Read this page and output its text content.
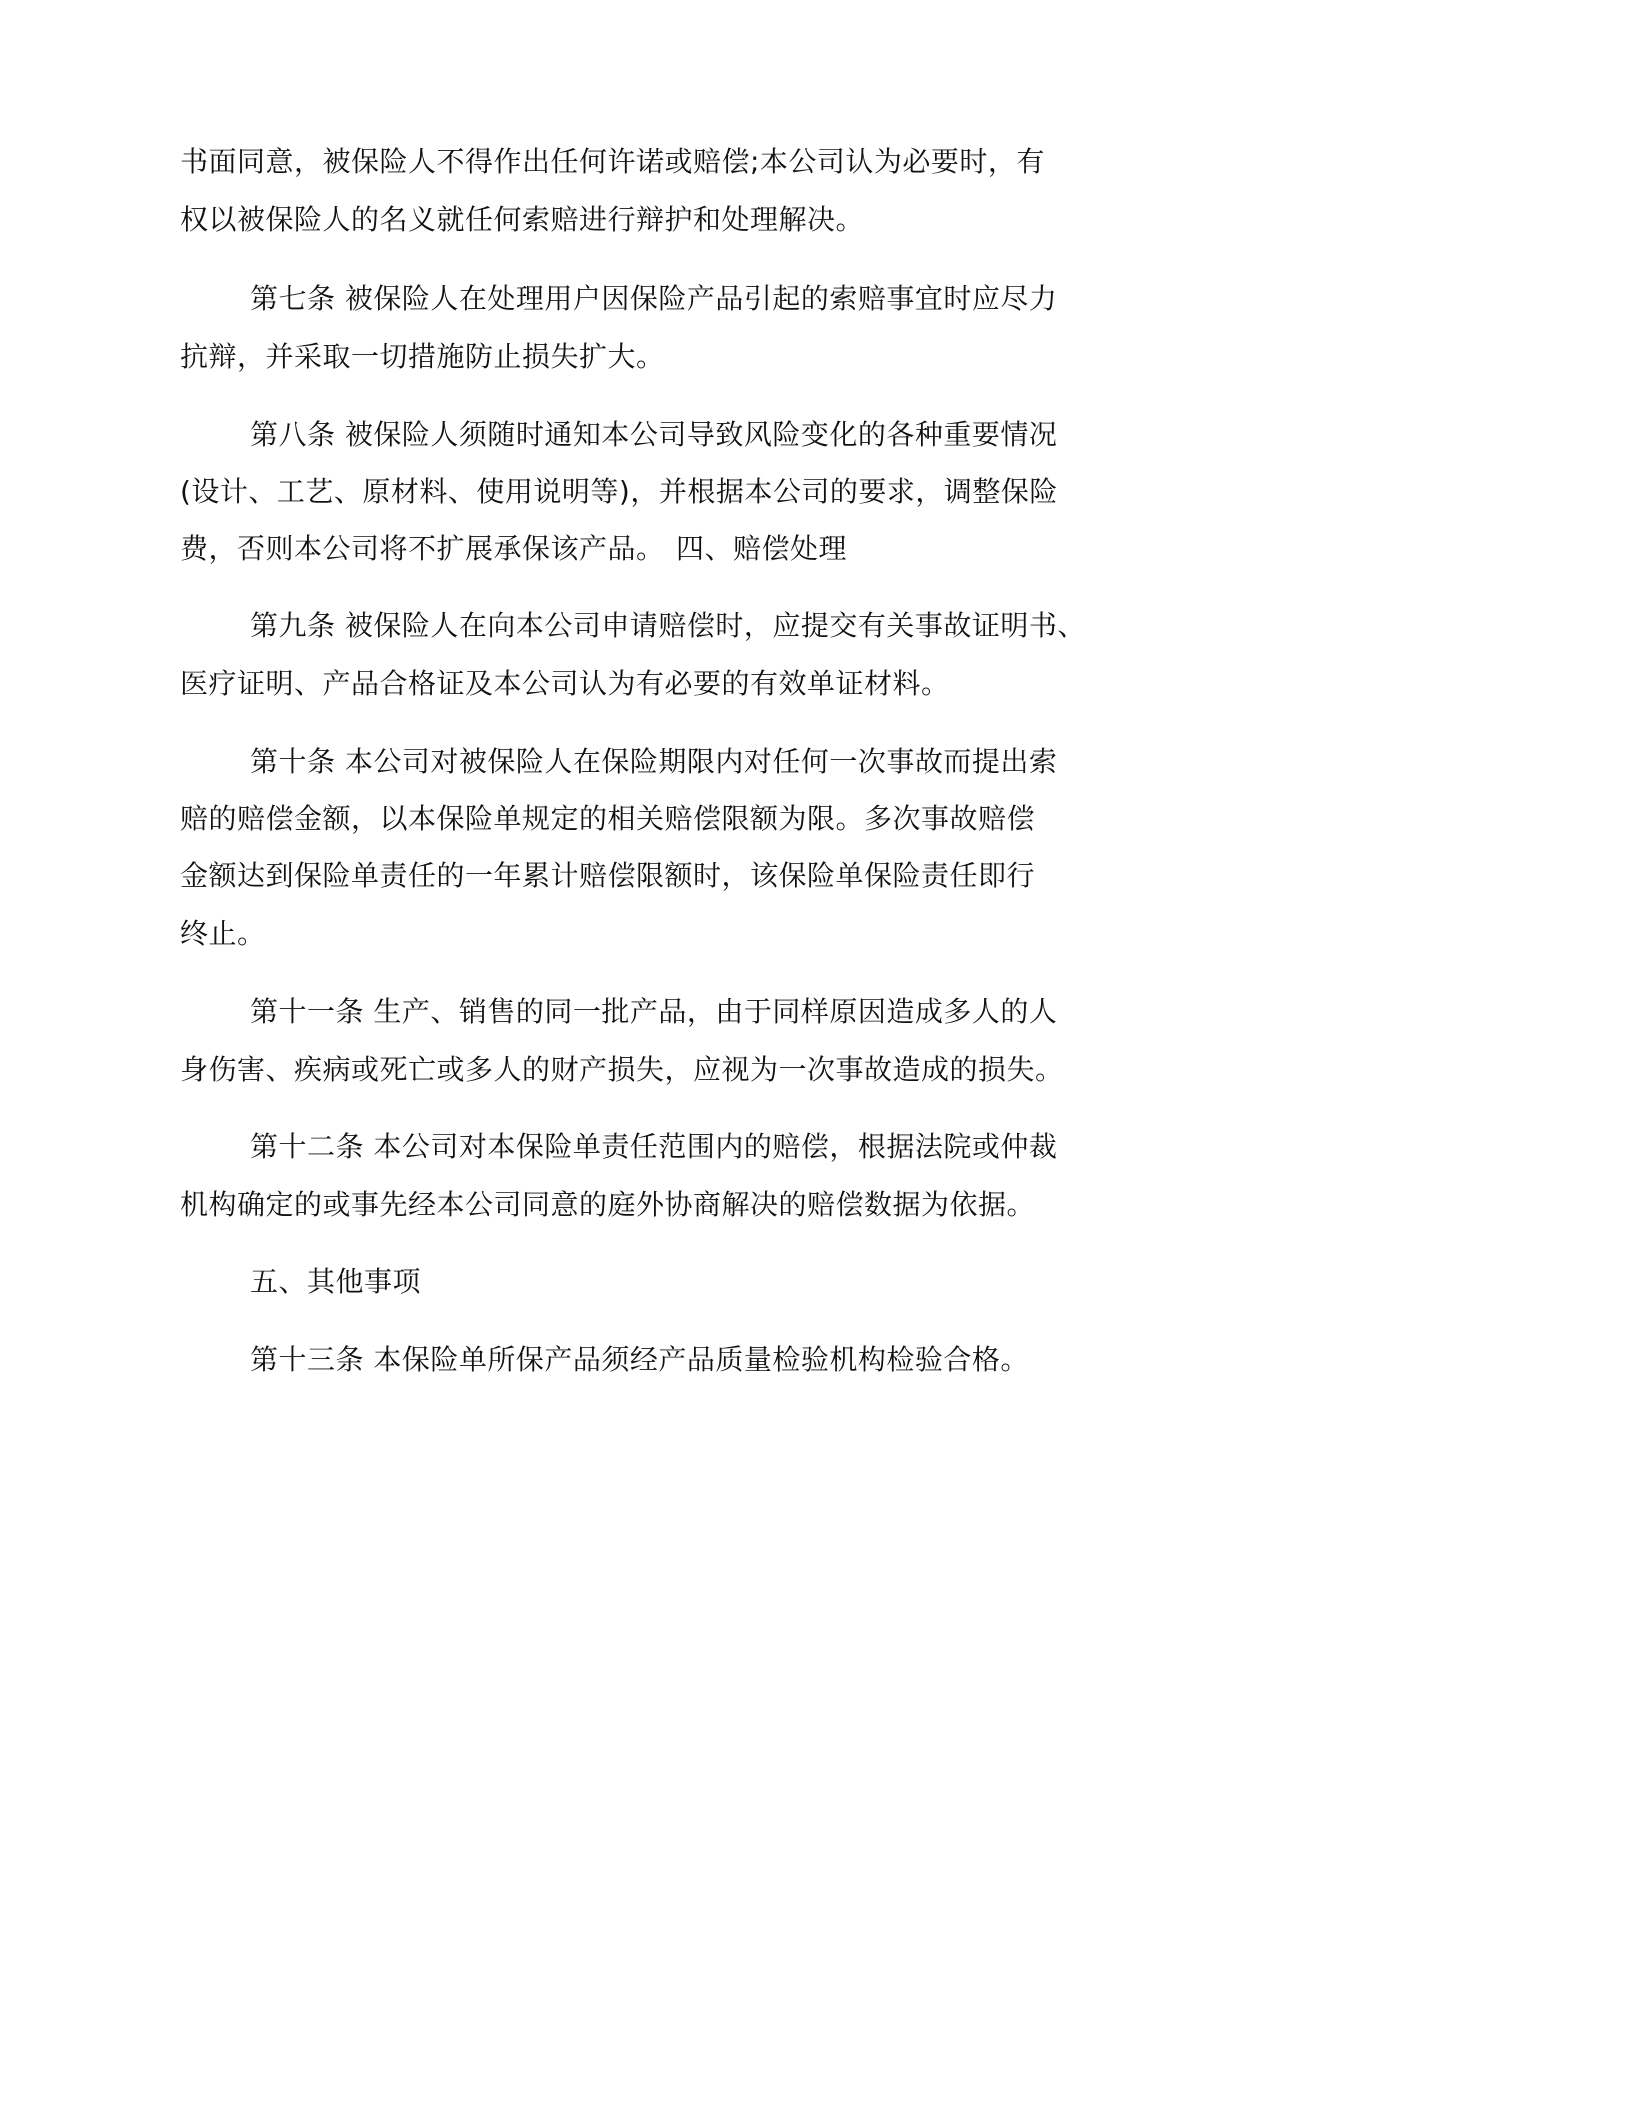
书面同意，被保险人不得作出任何许诺或赔偿;本公司认为必要时，有
权以被保险人的名义就任何索赔进行辩护和处理解决。
第七条 被保险人在处理用户因保险产品引起的索赔事宜时应尽力
抗辩，并采取一切措施防止损失扩大。
第八条 被保险人须随时通知本公司导致风险变化的各种重要情况
(设计、工艺、原材料、使用说明等)，并根据本公司的要求，调整保险
费，否则本公司将不扩展承保该产品。 四、赔偿处理
第九条 被保险人在向本公司申请赔偿时，应提交有关事故证明书、
医疗证明、产品合格证及本公司认为有必要的有效单证材料。
第十条 本公司对被保险人在保险期限内对任何一次事故而提出索
赔的赔偿金额，以本保险单规定的相关赔偿限额为限。多次事故赔偿
金额达到保险单责任的一年累计赔偿限额时，该保险单保险责任即行
终止。
第十一条 生产、销售的同一批产品，由于同样原因造成多人的人
身伤害、疾病或死亡或多人的财产损失，应视为一次事故造成的损失。
第十二条 本公司对本保险单责任范围内的赔偿，根据法院或仲裁
机构确定的或事先经本公司同意的庭外协商解决的赔偿数据为依据。
五、其他事项
第十三条 本保险单所保产品须经产品质量检验机构检验合格。
